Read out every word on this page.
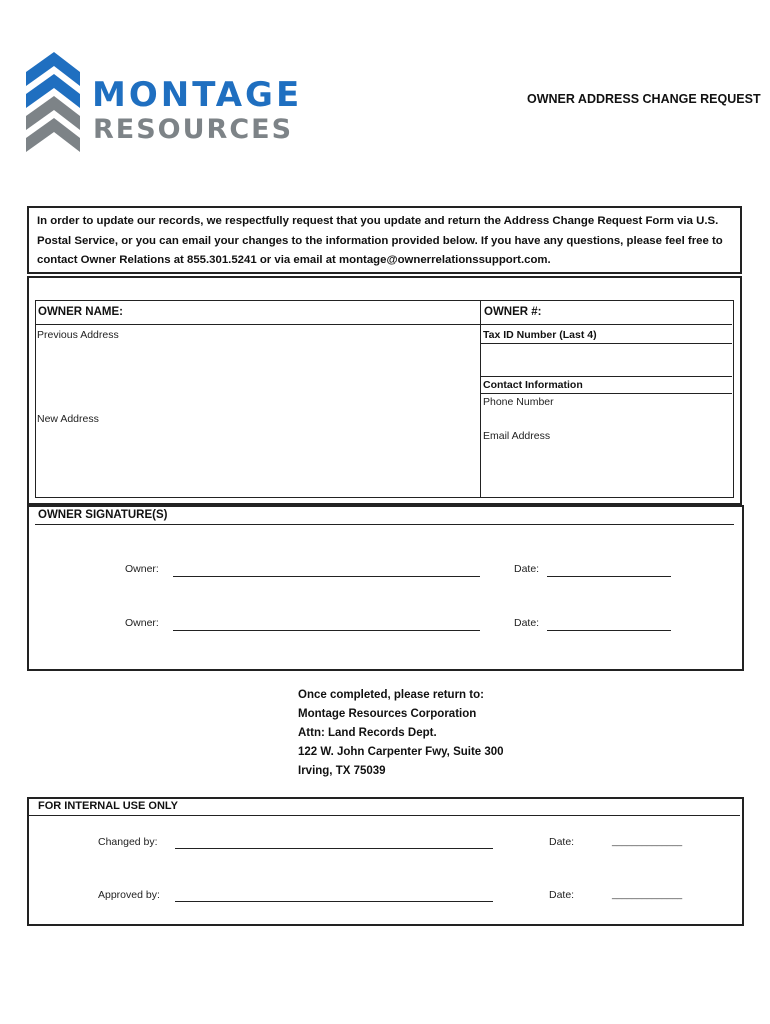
MONTAGE
RESOURCES
OWNER ADDRESS CHANGE REQUEST
In order to update our records, we respectfully request that you update and return the Address Change Request Form via U.S. Postal Service, or you can email your changes to the information provided below. If you have any questions, please feel free to contact Owner Relations at 855.301.5241 or via email at montage@ownerrelationssupport.com.
OWNER NAME:	OWNER #:
Previous Address
New Address
Tax ID Number (Last 4)
Contact Information
Phone Number
Email Address
OWNER SIGNATURE(S)
Owner:	Date:
Owner:	Date:
Once completed, please return to:
Montage Resources Corporation
Attn: Land Records Dept.
122 W. John Carpenter Fwy, Suite 300
Irving, TX 75039
FOR INTERNAL USE ONLY
Changed by:	Date:	______________
Approved by:	Date:	______________
